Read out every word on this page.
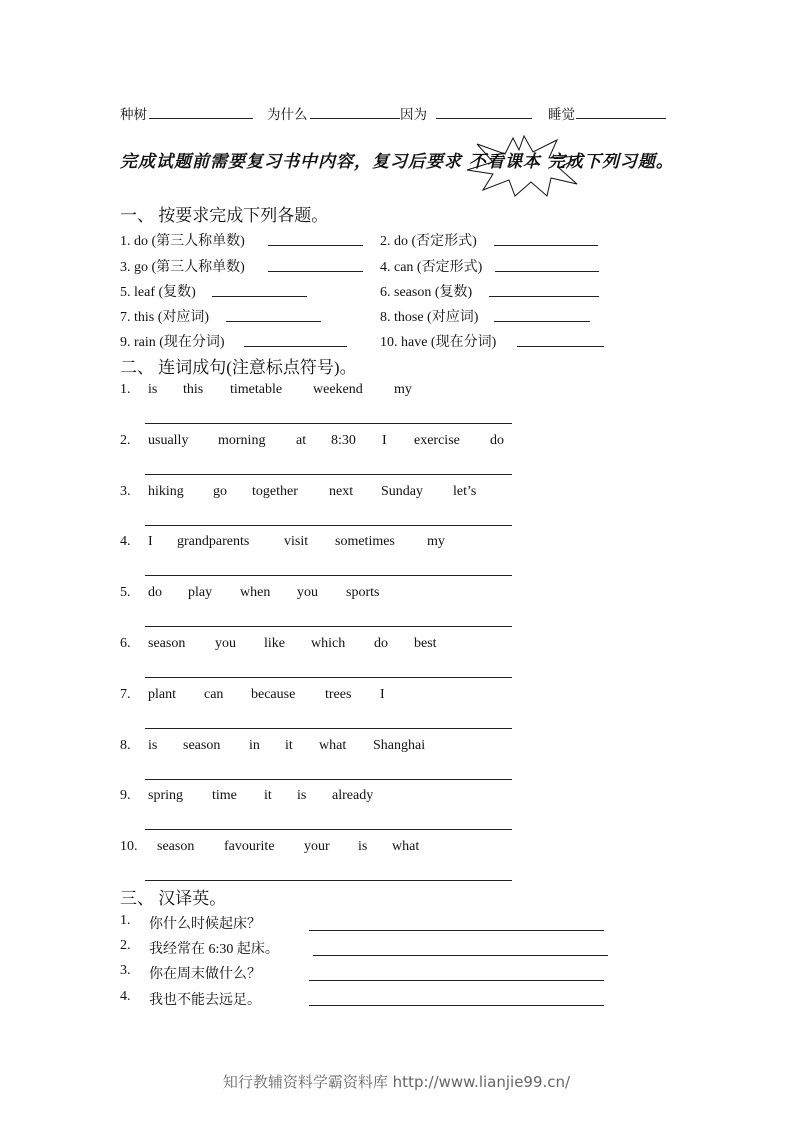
种树	为什么	因为	睡觉
完成试题前需要复习书中内容，复习后要求 不看课本 完成下列习题。
一、 按要求完成下列各题。
1. do (第三人称单数)	2. do (否定形式)
3. go (第三人称单数)	4. can (否定形式)
5. leaf (复数)	6. season (复数)
7. this (对应词)	8. those (对应词)
9. rain (现在分词)	10. have (现在分词)
二、 连词成句(注意标点符号)。
1. is this timetable weekend my
2. usually morning at 8:30 I exercise do
3. hiking go together next Sunday let’s
4. I grandparents visit sometimes my
5. do play when you sports
6. season you like which do best
7. plant can because trees I
8. is season in it what Shanghai
9. spring time it is already
10. season favourite your is what
三、 汉译英。
1. 你什么时候起床？
2. 我经常在 6:30 起床。
3. 你在周末做什么？
4. 我也不能去远足。
知行教辅资料学霸资料库 http://www.lianjie99.cn/
